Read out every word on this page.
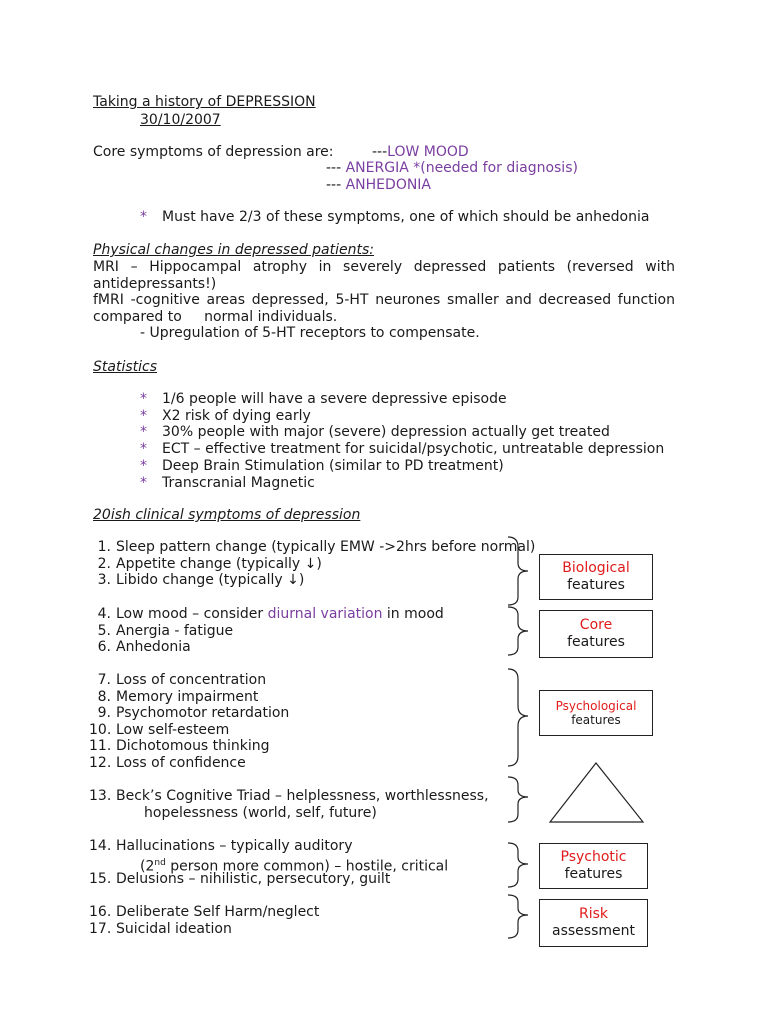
Taking a history of DEPRESSION
30/10/2007
Core symptoms of depression are:	---LOW MOOD
--- ANERGIA *(needed for diagnosis)
--- ANHEDONIA
* Must have 2/3 of these symptoms, one of which should be anhedonia
Physical changes in depressed patients:
MRI – Hippocampal atrophy in severely depressed patients (reversed with
antidepressants!)
fMRI -cognitive areas depressed, 5-HT neurones smaller and decreased function
compared to     normal individuals.
- Upregulation of 5-HT receptors to compensate.
Statistics
* 1/6 people will have a severe depressive episode
* X2 risk of dying early
* 30% people with major (severe) depression actually get treated
* ECT – effective treatment for suicidal/psychotic, untreatable depression
* Deep Brain Stimulation (similar to PD treatment)
* Transcranial Magnetic
20ish clinical symptoms of depression
1. Sleep pattern change (typically EMW ->2hrs before normal)
2. Appetite change (typically ↓)
3. Libido change (typically ↓)
4. Low mood – consider diurnal variation in mood
5. Anergia - fatigue
6. Anhedonia
7. Loss of concentration
8. Memory impairment
9. Psychomotor retardation
10. Low self-esteem
11. Dichotomous thinking
12. Loss of confidence
13. Beck’s Cognitive Triad – helplessness, worthlessness,
hopelessness (world, self, future)
14. Hallucinations – typically auditory
(2nd person more common) – hostile, critical
15. Delusions – nihilistic, persecutory, guilt
16. Deliberate Self Harm/neglect
17. Suicidal ideation
Biological
features
Core
features
Psychological
features
Psychotic
features
Risk
assessment
